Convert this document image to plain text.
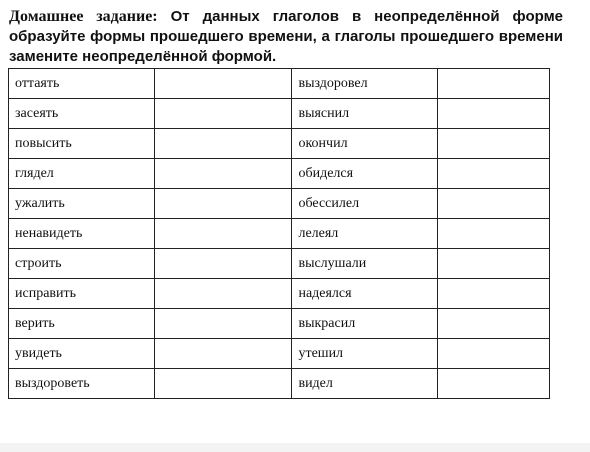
Домашнее задание: От данных глаголов в неопределённой форме образуйте формы прошедшего времени, а глаголы прошедшего времени замените неопределённой формой.

оттаять		выздоровел	
засеять		выяснил	
повысить		окончил	
глядел		обиделся	
ужалить		обессилел	
ненавидеть		лелеял	
строить		выслушали	
исправить		надеялся	
верить		выкрасил	
увидеть		утешил	
выздороветь		видел	
